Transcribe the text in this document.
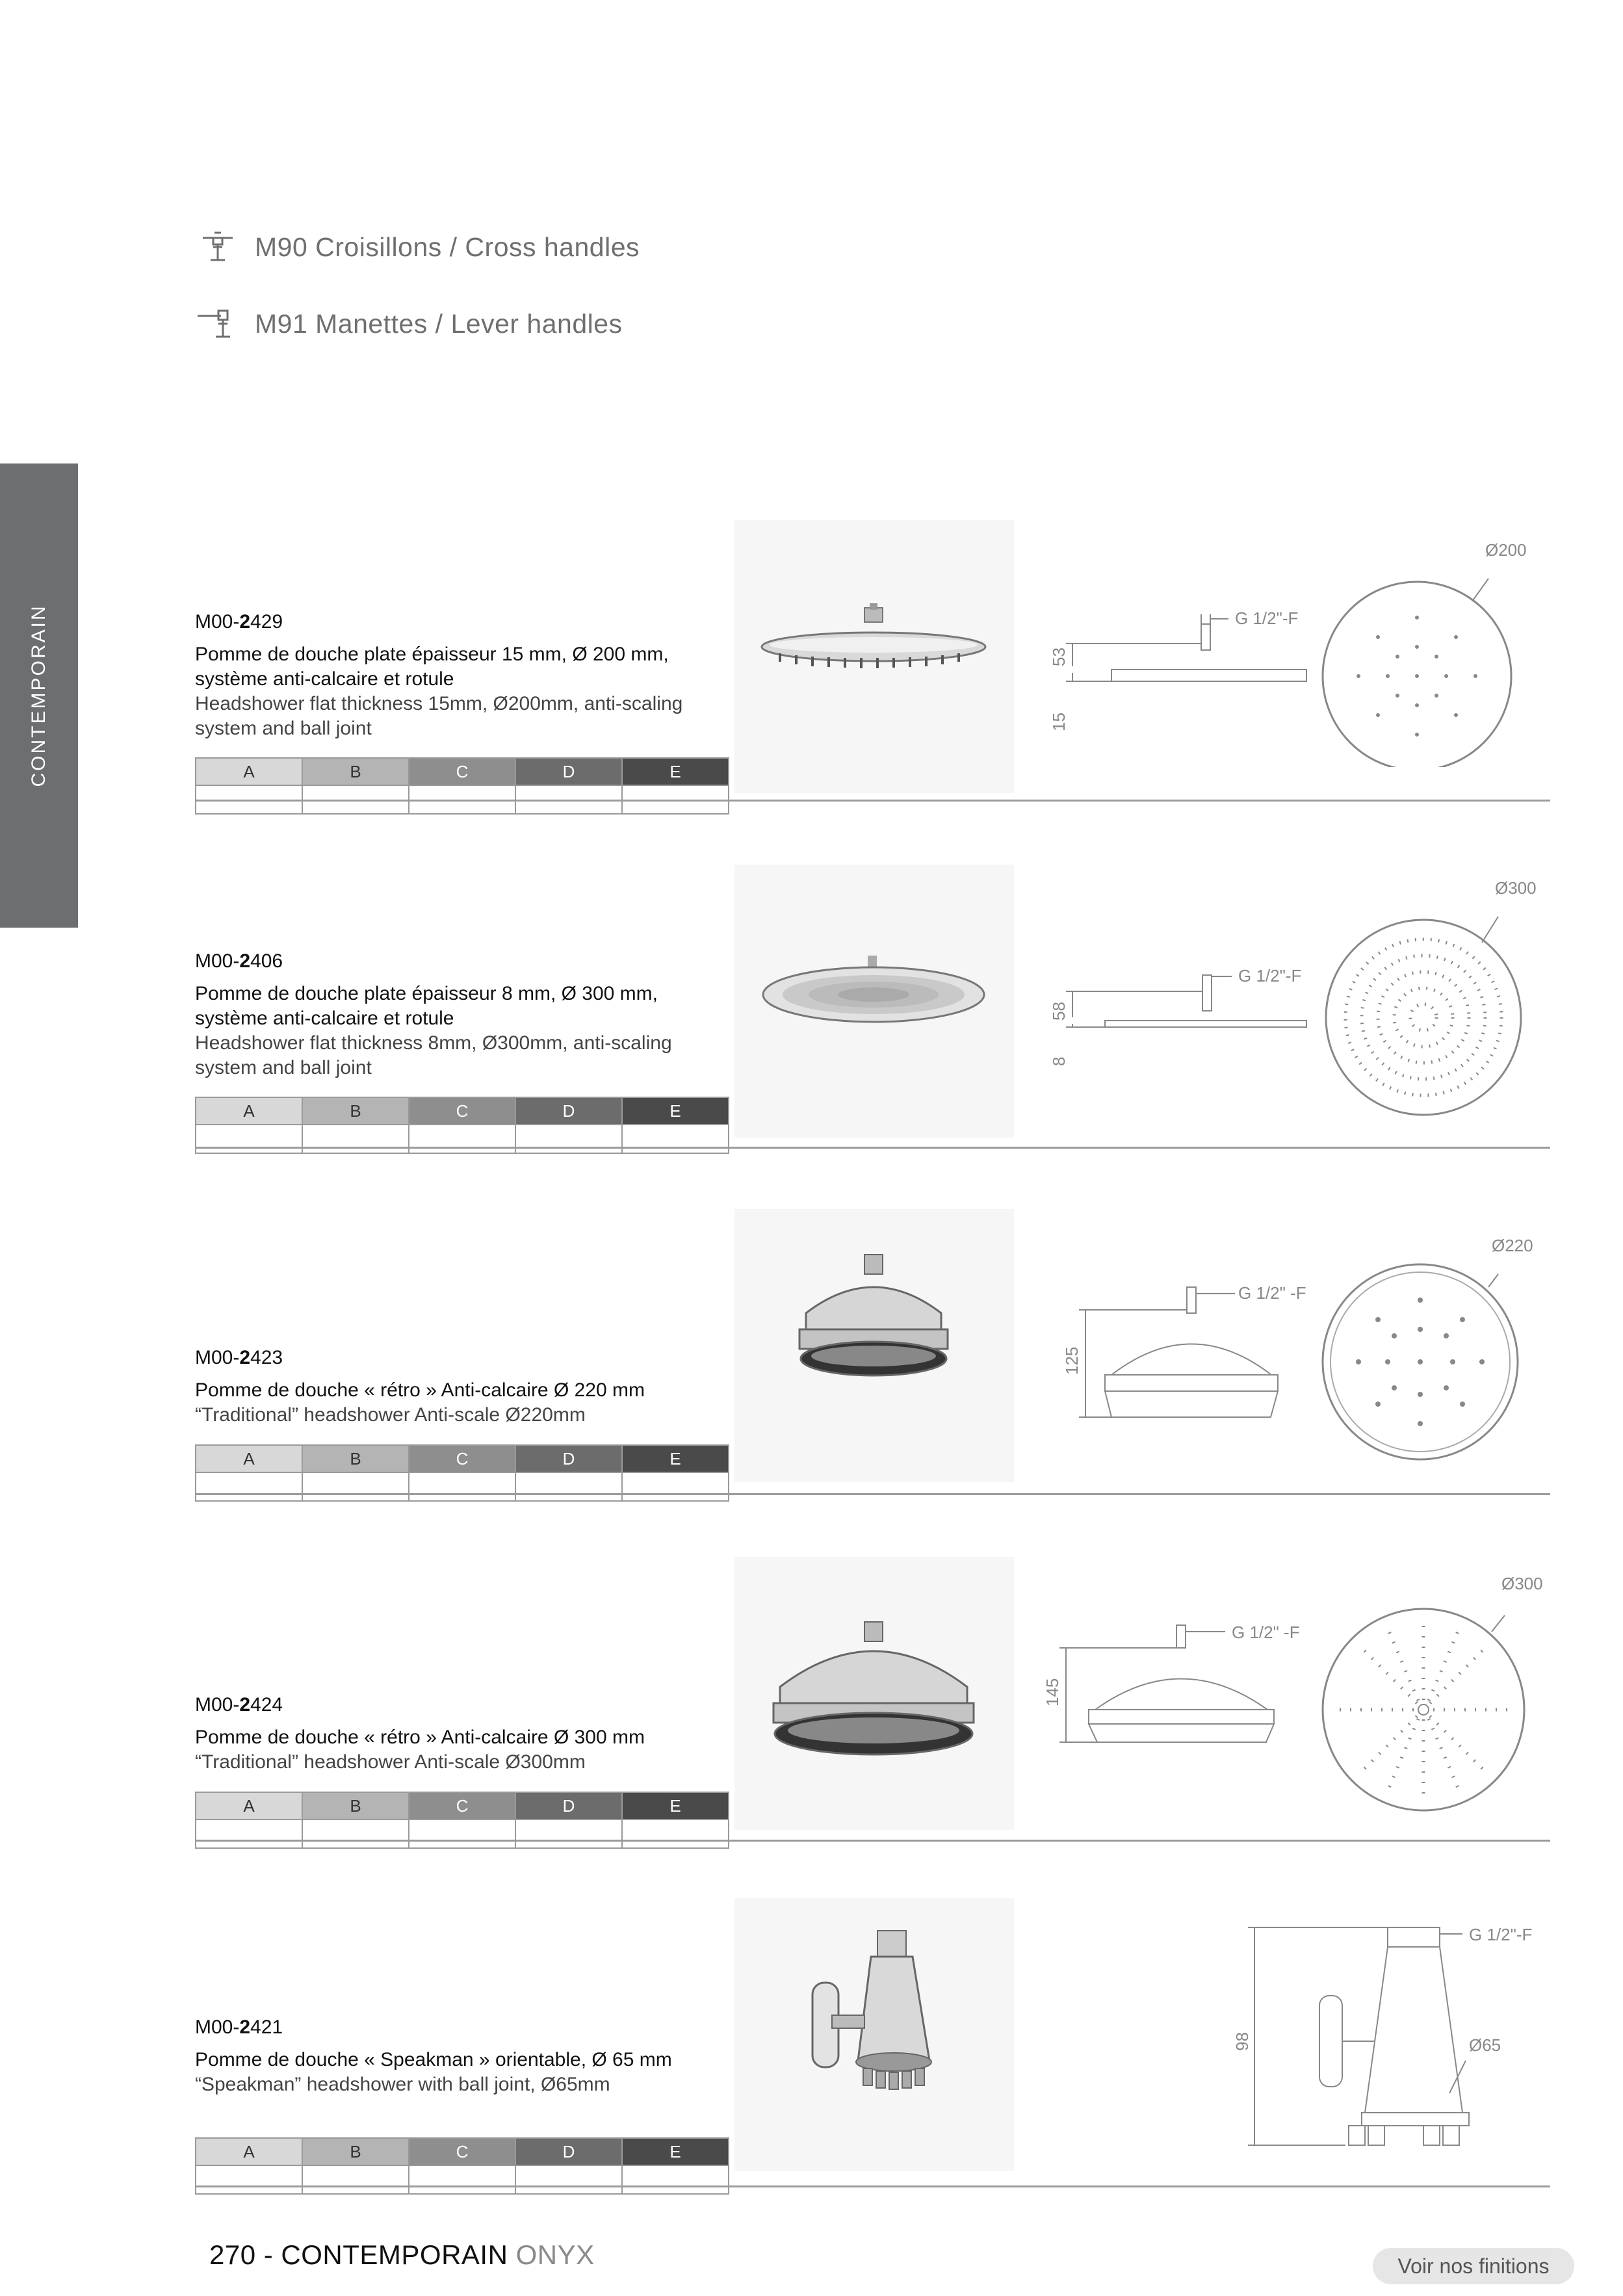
M90 Croisillons / Cross handles
M91 Manettes / Lever handles
CONTEMPORAIN	M00-2429
Pomme de douche plate épaisseur 15 mm, Ø 200 mm, système anti-calcaire et rotule
Headshower flat thickness 15mm, Ø200mm, anti-scaling system and ball joint
A	B	C	D	E

G 1/2"-F
53
15
Ø200
M00-2406
Pomme de douche plate épaisseur 8 mm, Ø 300 mm, système anti-calcaire et rotule
Headshower flat thickness 8mm, Ø300mm, anti-scaling system and ball joint
A	B	C	D	E

G 1/2"-F
58
8
Ø300
M00-2423
Pomme de douche « rétro » Anti-calcaire Ø 220 mm
“Traditional” headshower Anti-scale Ø220mm
A	B	C	D	E

G 1/2" -F
125
Ø220
M00-2424
Pomme de douche « rétro » Anti-calcaire Ø 300 mm
“Traditional” headshower Anti-scale Ø300mm
A	B	C	D	E

G 1/2" -F
145
Ø300
M00-2421
Pomme de douche « Speakman » orientable, Ø 65 mm
“Speakman” headshower with ball joint, Ø65mm
A	B	C	D	E

G 1/2"-F
98	Ø65
270 - CONTEMPORAIN ONYX	Voir nos finitions
